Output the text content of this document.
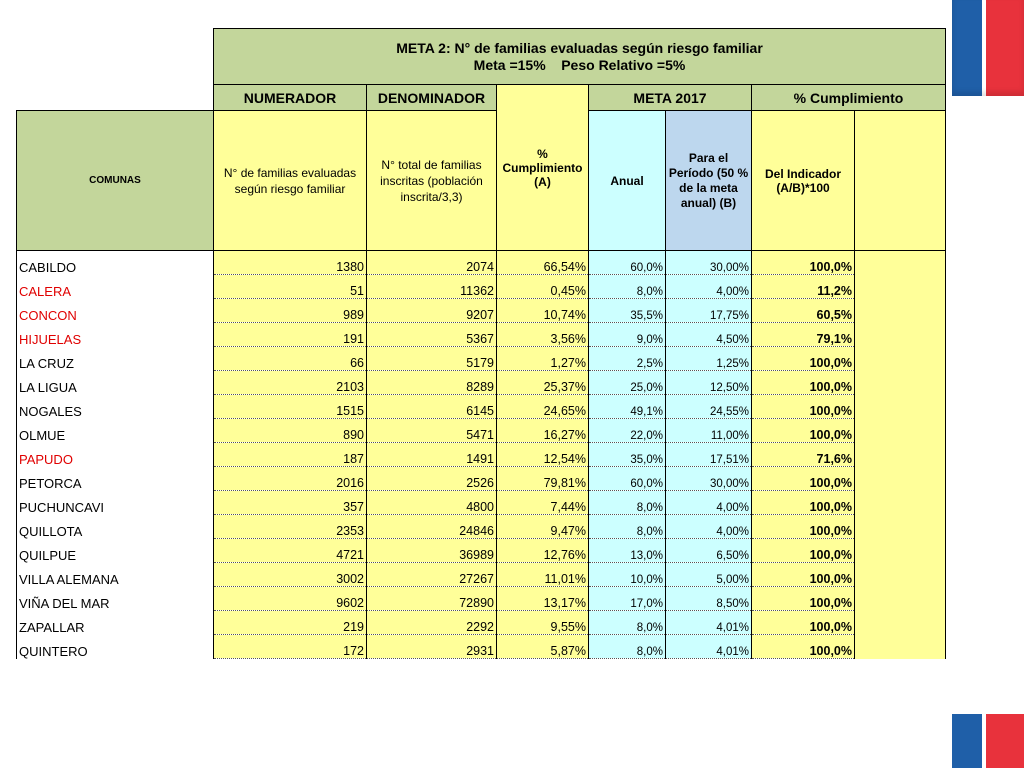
	META 2: N° de familias evaluadas según riesgo familiar
Meta =15%    Peso Relativo =5%						

	NUMERADOR	DENOMINADOR	% Cumplimiento (A)	META 2017		% Cumplimiento	
COMUNAS	N° de familias evaluadas según riesgo familiar	N° total de familias inscritas (población inscrita/3,3)		Anual	Para el Período (50 % de la meta anual) (B)	Del Indicador (A/B)*100	
CABILDO	1380	2074	66,54%	60,0%	30,00%	100,0%	
CALERA	51	11362	0,45%	8,0%	4,00%	11,2%	
CONCON	989	9207	10,74%	35,5%	17,75%	60,5%	
HIJUELAS	191	5367	3,56%	9,0%	4,50%	79,1%	
LA CRUZ	66	5179	1,27%	2,5%	1,25%	100,0%	
LA LIGUA	2103	8289	25,37%	25,0%	12,50%	100,0%	
NOGALES	1515	6145	24,65%	49,1%	24,55%	100,0%	
OLMUE	890	5471	16,27%	22,0%	11,00%	100,0%	
PAPUDO	187	1491	12,54%	35,0%	17,51%	71,6%	
PETORCA	2016	2526	79,81%	60,0%	30,00%	100,0%	
PUCHUNCAVI	357	4800	7,44%	8,0%	4,00%	100,0%	
QUILLOTA	2353	24846	9,47%	8,0%	4,00%	100,0%	
QUILPUE	4721	36989	12,76%	13,0%	6,50%	100,0%	
VILLA ALEMANA	3002	27267	11,01%	10,0%	5,00%	100,0%	
VIÑA DEL MAR	9602	72890	13,17%	17,0%	8,50%	100,0%	
ZAPALLAR	219	2292	9,55%	8,0%	4,01%	100,0%	
QUINTERO	172	2931	5,87%	8,0%	4,01%	100,0%	
